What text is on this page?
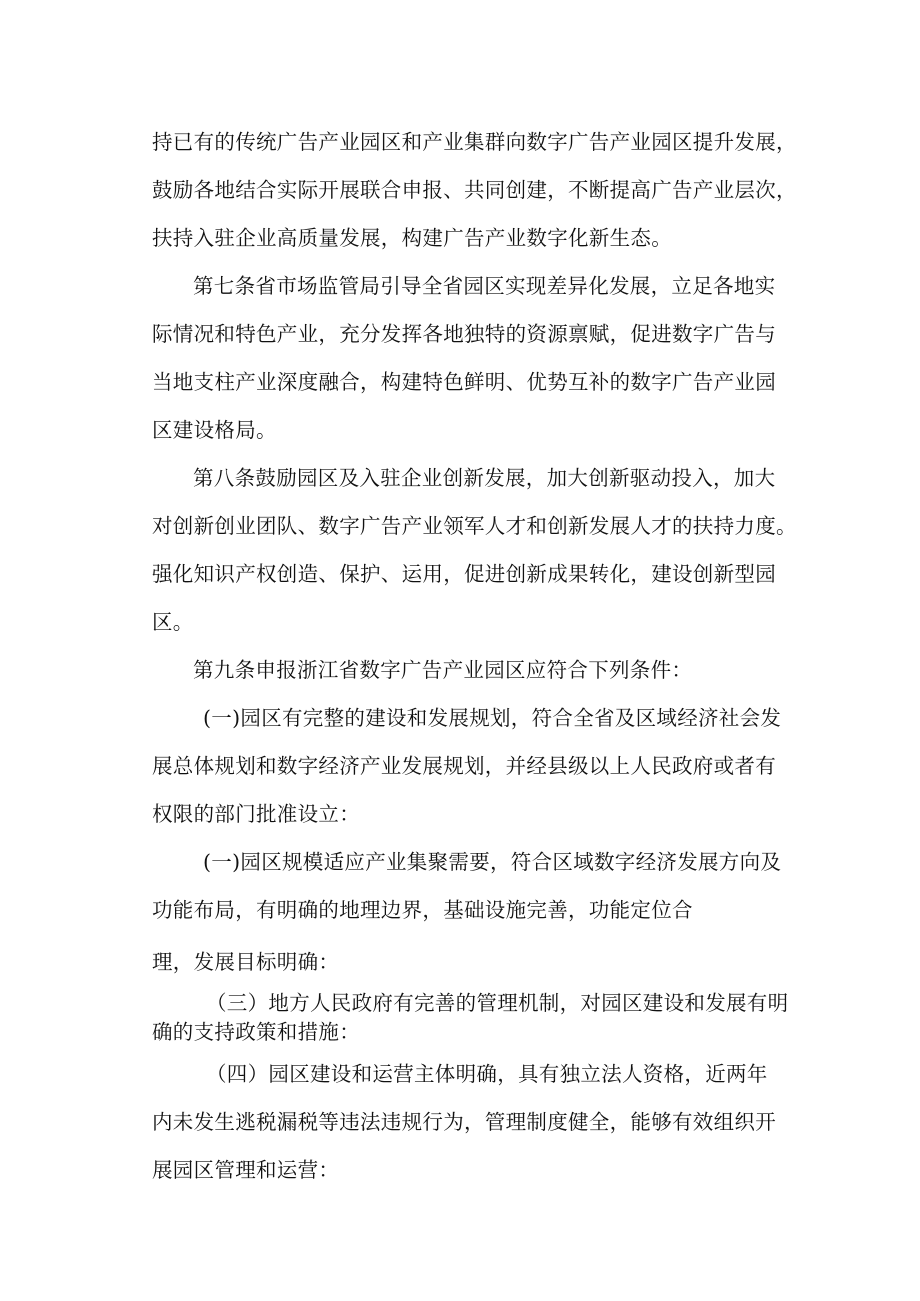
持已有的传统广告产业园区和产业集群向数字广告产业园区提升发展，

鼓励各地结合实际开展联合申报、共同创建，不断提高广告产业层次，

扶持入驻企业高质量发展，构建广告产业数字化新生态。

第七条省市场监管局引导全省园区实现差异化发展，立足各地实

际情况和特色产业，充分发挥各地独特的资源禀赋，促进数字广告与

当地支柱产业深度融合，构建特色鲜明、优势互补的数字广告产业园

区建设格局。

第八条鼓励园区及入驻企业创新发展，加大创新驱动投入，加大

对创新创业团队、数字广告产业领军人才和创新发展人才的扶持力度。

强化知识产权创造、保护、运用，促进创新成果转化，建设创新型园

区。

第九条申报浙江省数字广告产业园区应符合下列条件：

(一)园区有完整的建设和发展规划，符合全省及区域经济社会发

展总体规划和数字经济产业发展规划，并经县级以上人民政府或者有

权限的部门批准设立：

(一)园区规模适应产业集聚需要，符合区域数字经济发展方向及

功能布局，有明确的地理边界，基础设施完善，功能定位合

理，发展目标明确：

（三）地方人民政府有完善的管理机制，对园区建设和发展有明

确的支持政策和措施：

（四）园区建设和运营主体明确，具有独立法人资格，近两年

内未发生逃税漏税等违法违规行为，管理制度健全，能够有效组织开

展园区管理和运营：
